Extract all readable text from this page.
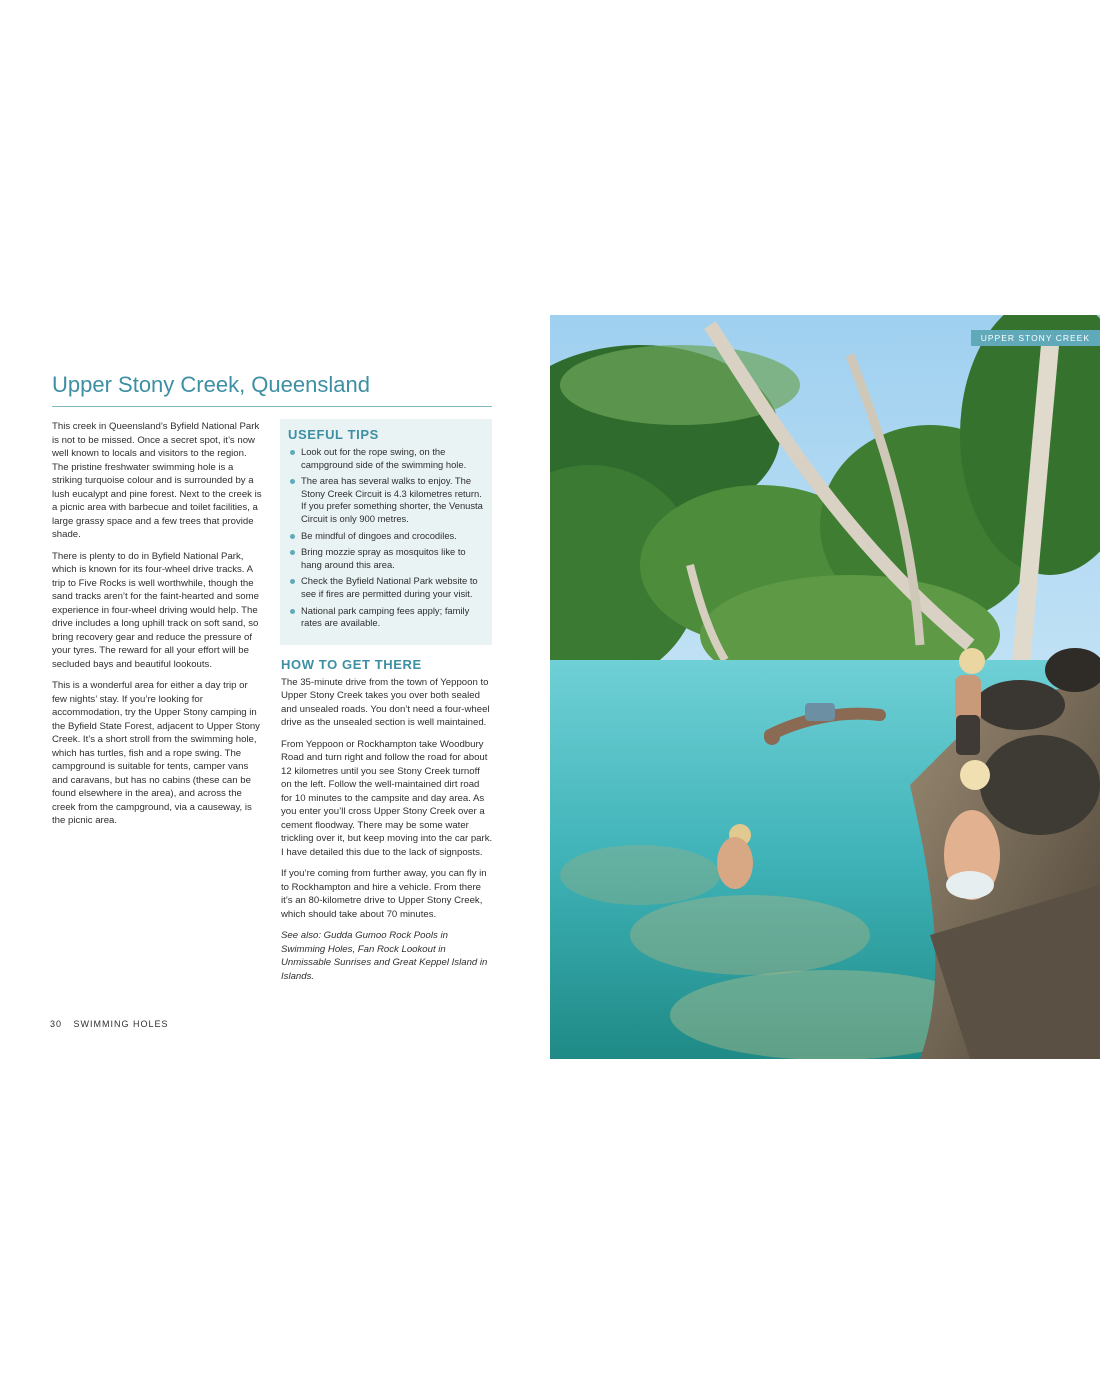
Upper Stony Creek, Queensland

This creek in Queensland’s Byfield National Park is not to be missed. Once a secret spot, it’s now well known to locals and visitors to the region. The pristine freshwater swimming hole is a striking turquoise colour and is surrounded by a lush eucalypt and pine forest. Next to the creek is a picnic area with barbecue and toilet facilities, a large grassy space and a few trees that provide shade.

There is plenty to do in Byfield National Park, which is known for its four-wheel drive tracks. A trip to Five Rocks is well worthwhile, though the sand tracks aren’t for the faint-hearted and some experience in four-wheel driving would help. The drive includes a long uphill track on soft sand, so bring recovery gear and reduce the pressure of your tyres. The reward for all your effort will be secluded bays and beautiful lookouts.

This is a wonderful area for either a day trip or few nights’ stay. If you’re looking for accommodation, try the Upper Stony camping in the Byfield State Forest, adjacent to Upper Stony Creek. It’s a short stroll from the swimming hole, which has turtles, fish and a rope swing. The campground is suitable for tents, camper vans and caravans, but has no cabins (these can be found elsewhere in the area), and across the creek from the campground, via a causeway, is the picnic area.

USEFUL TIPS
Look out for the rope swing, on the campground side of the swimming hole.
The area has several walks to enjoy. The Stony Creek Circuit is 4.3 kilometres return. If you prefer something shorter, the Venusta Circuit is only 900 metres.
Be mindful of dingoes and crocodiles.
Bring mozzie spray as mosquitos like to hang around this area.
Check the Byfield National Park website to see if fires are permitted during your visit.
National park camping fees apply; family rates are available.
HOW TO GET THERE

The 35-minute drive from the town of Yeppoon to Upper Stony Creek takes you over both sealed and unsealed roads. You don’t need a four-wheel drive as the unsealed section is well maintained.

From Yeppoon or Rockhampton take Woodbury Road and turn right and follow the road for about 12 kilometres until you see Stony Creek turnoff on the left. Follow the well-maintained dirt road for 10 minutes to the campsite and day area. As you enter you’ll cross Upper Stony Creek over a cement floodway. There may be some water trickling over it, but keep moving into the car park. I have detailed this due to the lack of signposts.

If you’re coming from further away, you can fly in to Rockhampton and hire a vehicle. From there it’s an 80-kilometre drive to Upper Stony Creek, which should take about 70 minutes.

See also: Gudda Gumoo Rock Pools in Swimming Holes, Fan Rock Lookout in Unmissable Sunrises and Great Keppel Island in Islands.

30 SWIMMING HOLES
UPPER STONY CREEK
